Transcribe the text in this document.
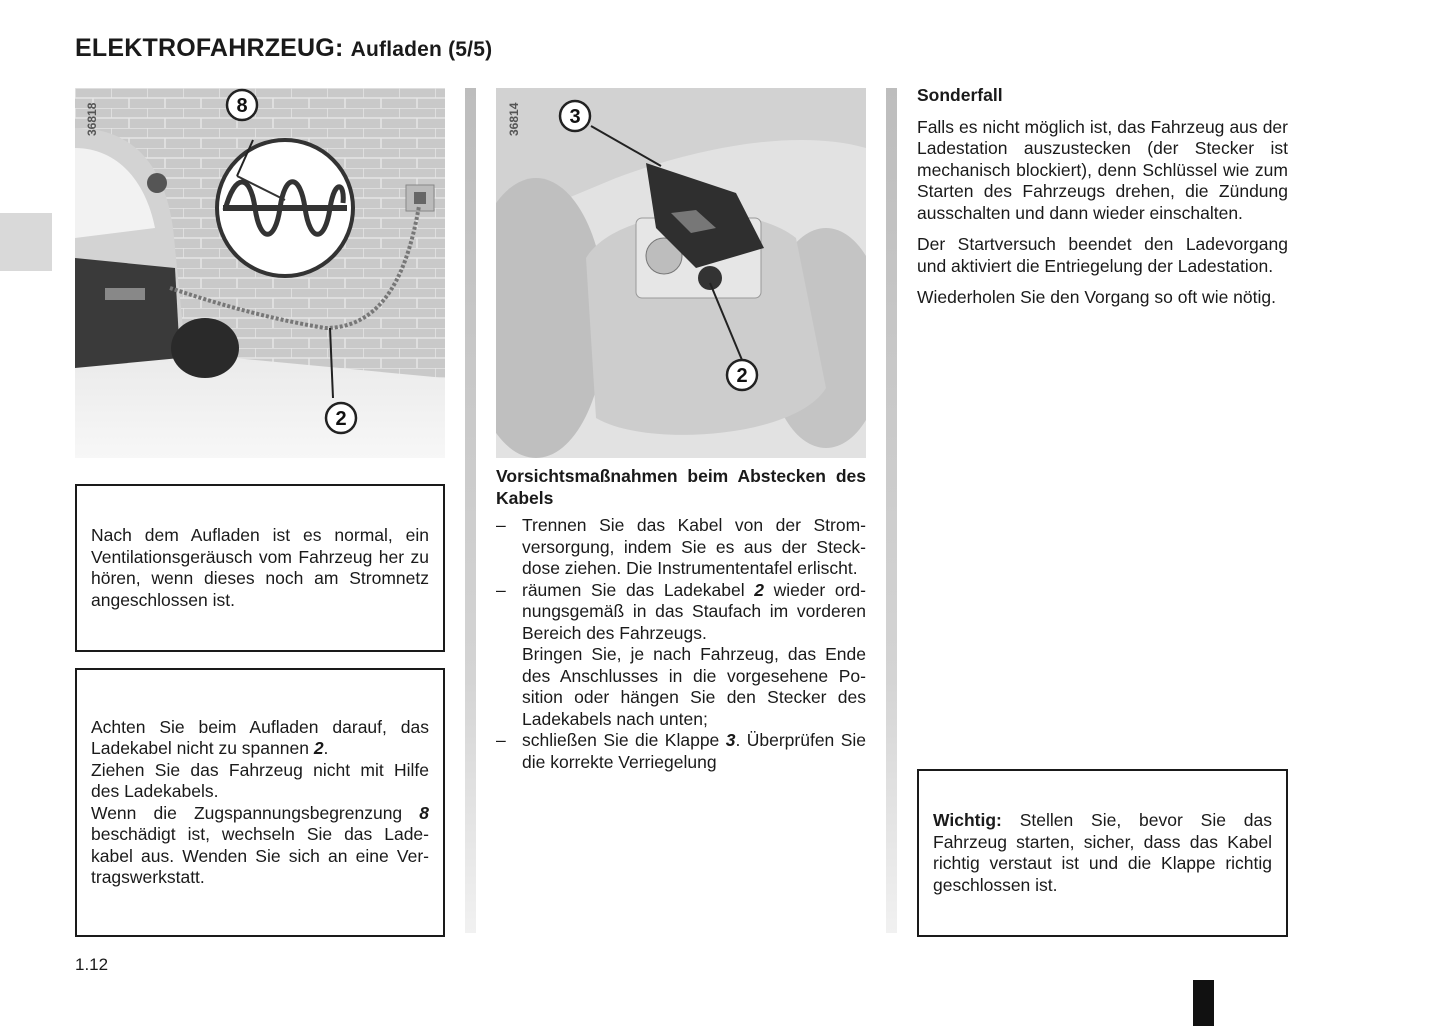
ELEKTROFAHRZEUG: Aufladen (5/5)
8
2
36818	3
2
36814

Nach dem Aufladen ist es normal, ein Ventilationsgeräusch vom Fahrzeug her zu hören, wenn dieses noch am Stromnetz angeschlossen ist.

Achten Sie beim Aufladen darauf, das Ladekabel nicht zu spannen 2.
Ziehen Sie das Fahrzeug nicht mit Hilfe des Ladekabels.
Wenn die Zugspannungsbegrenzung 8 beschädigt ist, wechseln Sie das Ladekabel aus. Wenden Sie sich an eine Vertragswerkstatt.

Vorsichtsmaßnahmen beim Abstecken des Kabels

– Trennen Sie das Kabel von der Stromversorgung, indem Sie es aus der Steckdose ziehen. Die Instrumententafel erlischt.
– räumen Sie das Ladekabel 2 wieder ordnungsgemäß in das Staufach im vorderen Bereich des Fahrzeugs.
Bringen Sie, je nach Fahrzeug, das Ende des Anschlusses in die vorgesehene Position oder hängen Sie den Stecker des Ladekabels nach unten;
– schließen Sie die Klappe 3. Überprüfen Sie die korrekte Verriegelung

Sonderfall

Falls es nicht möglich ist, das Fahrzeug aus der Ladestation auszustecken (der Stecker ist mechanisch blockiert), denn Schlüssel wie zum Starten des Fahrzeugs drehen, die Zündung ausschalten und dann wieder einschalten.

Der Startversuch beendet den Ladevorgang und aktiviert die Entriegelung der Ladestation.

Wiederholen Sie den Vorgang so oft wie nötig.

Wichtig: Stellen Sie, bevor Sie das Fahrzeug starten, sicher, dass das Kabel richtig verstaut ist und die Klappe richtig geschlossen ist.

1.12
